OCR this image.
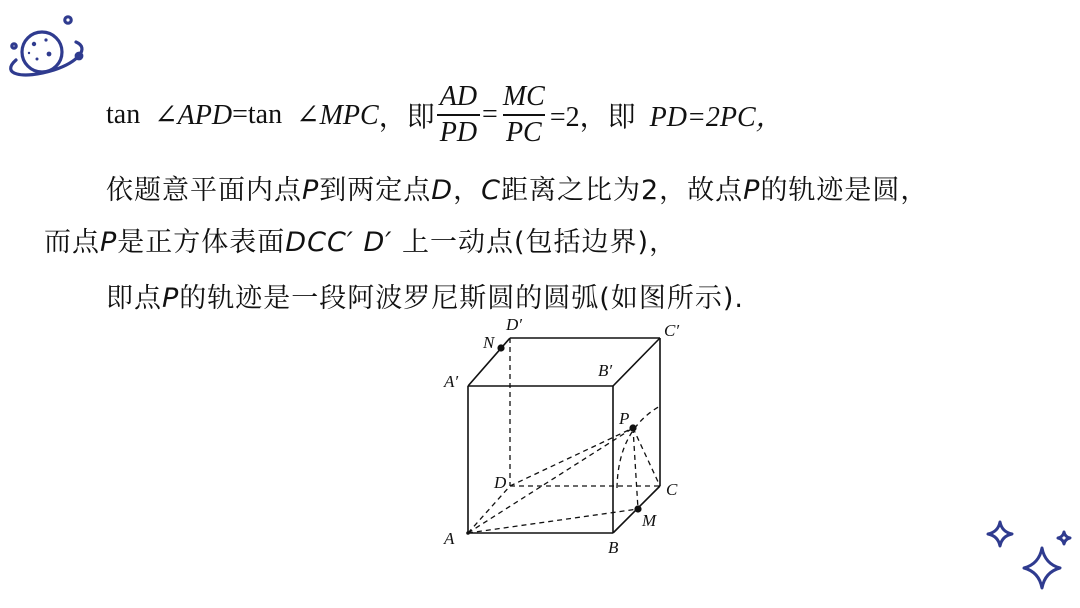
tan ∠APD = tan ∠MPC ，即 $\frac{AD}{PD} = \frac{MC}{PC} =2$，即 PD=2PC，
依题意平面内点P到两定点D，C距离之比为2，故点P的轨迹是圆，
而点P是正方体表面DCC′ D′ 上一动点(包括边界)，
即点P的轨迹是一段阿波罗尼斯圆的圆弧(如图所示).
D′	C′
N
A′
B′
P
D	C
M
A	B
